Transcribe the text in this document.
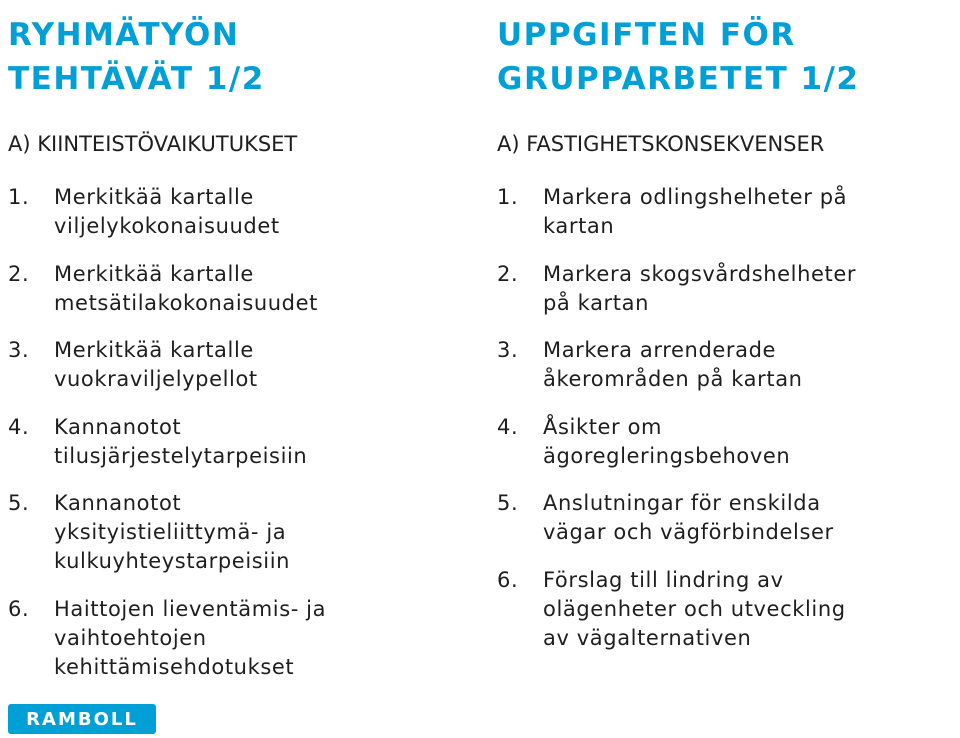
RYHMÄTYÖN
TEHTÄVÄT 1/2

A) KIINTEISTÖVAIKUTUKSET

1.	Merkitkää kartalle
viljelykokonaisuudet
2.	Merkitkää kartalle
metsätilakokonaisuudet
3.	Merkitkää kartalle
vuokraviljelypellot
4.	Kannanotot
tilusjärjestelytarpeisiin
5.	Kannanotot
yksityistieliittymä- ja
kulkuyhteystarpeisiin
6.	Haittojen lieventämis- ja
vaihtoehtojen
kehittämisehdotukset
UPPGIFTEN FÖR
GRUPPARBETET 1/2

A) FASTIGHETSKONSEKVENSER

1.	Markera odlingshelheter på
kartan
2.	Markera skogsvårdshelheter
på kartan
3.	Markera arrenderade
åkerområden på kartan
4.	Åsikter om
ägoregleringsbehoven
5.	Anslutningar för enskilda
vägar och vägförbindelser
6.	Förslag till lindring av
olägenheter och utveckling
av vägalternativen
RAMBOLL
